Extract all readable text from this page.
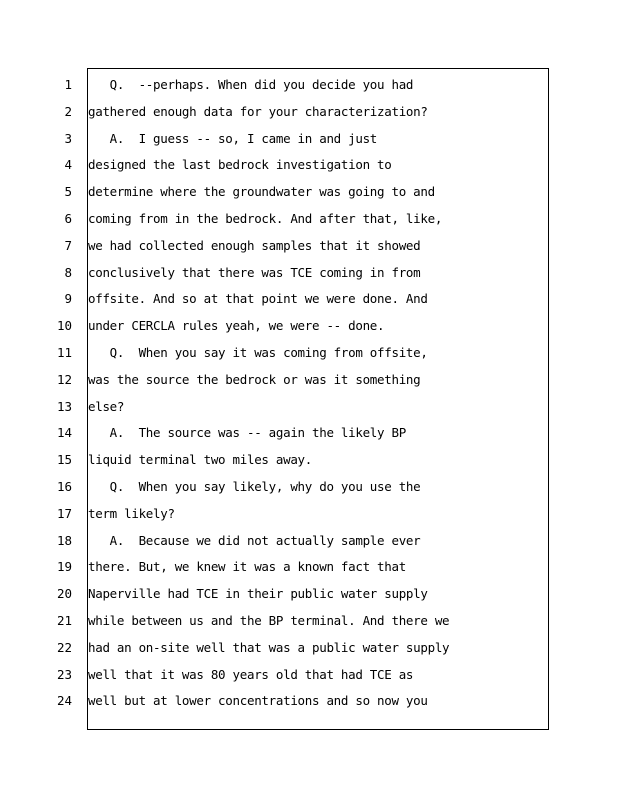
1 Q.  --perhaps. When did you decide you had
2 gathered enough data for your characterization?
3 A.  I guess -- so, I came in and just
4 designed the last bedrock investigation to
5 determine where the groundwater was going to and
6 coming from in the bedrock. And after that, like,
7 we had collected enough samples that it showed
8 conclusively that there was TCE coming in from
9 offsite. And so at that point we were done. And
10 under CERCLA rules yeah, we were -- done.
11 Q.  When you say it was coming from offsite,
12 was the source the bedrock or was it something
13 else?
14 A.  The source was -- again the likely BP
15 liquid terminal two miles away.
16 Q.  When you say likely, why do you use the
17 term likely?
18 A.  Because we did not actually sample ever
19 there. But, we knew it was a known fact that
20 Naperville had TCE in their public water supply
21 while between us and the BP terminal. And there we
22 had an on-site well that was a public water supply
23 well that it was 80 years old that had TCE as
24 well but at lower concentrations and so now you
